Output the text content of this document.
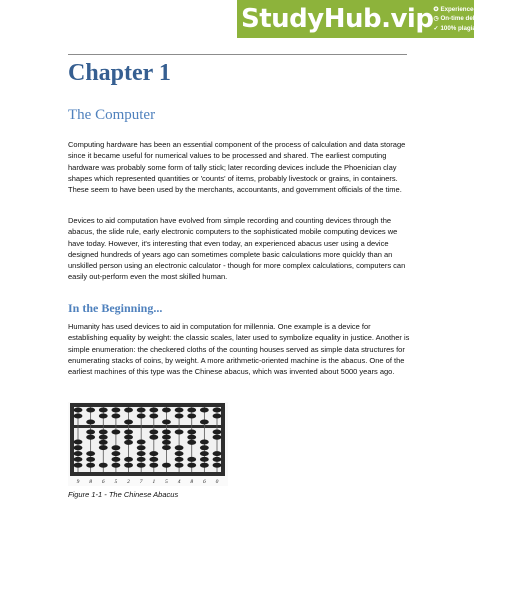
StudyHub.vip ✪ Experienced writers
◷ On-time delivery
✓ 100% plagiarism free
Chapter 1
The Computer

Computing hardware has been an essential component of the process of calculation and data storage since it became useful for numerical values to be processed and shared. The earliest computing hardware was probably some form of tally stick; later recording devices include the Phoenician clay shapes which represented quantities or 'counts' of items, probably livestock or grains, in containers. These seem to have been used by the merchants, accountants, and government officials of the time.

Devices to aid computation have evolved from simple recording and counting devices through the abacus, the slide rule, early electronic computers to the sophisticated mobile computing devices we have today. However, it's interesting that even today, an experienced abacus user using a device designed hundreds of years ago can sometimes complete basic calculations more quickly than an unskilled person using an electronic calculator - though for more complex calculations, computers can easily out-perform even the most skilled human.

In the Beginning...

Humanity has used devices to aid in computation for millennia. One example is a device for establishing equality by weight: the classic scales, later used to symbolize equality in justice. Another is simple enumeration: the checkered cloths of the counting houses served as simple data structures for enumerating stacks of coins, by weight. A more arithmetic-oriented machine is the abacus. One of the earliest machines of this type was the Chinese abacus, which was invented about 5000 years ago.

9 8 6 5 2 7 1 5 4 8 6 0

Figure 1-1 - The Chinese Abacus
